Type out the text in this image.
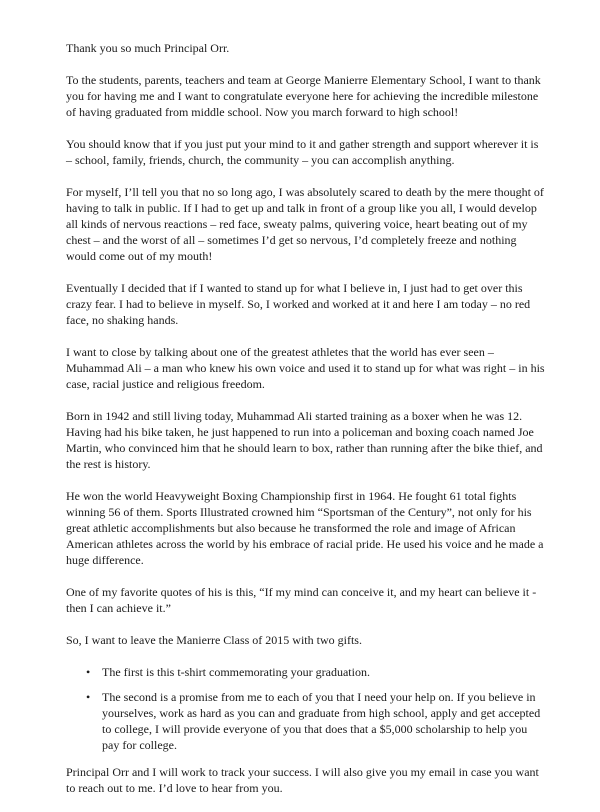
Thank you so much Principal Orr.

To the students, parents, teachers and team at George Manierre Elementary School, I want to thank you for having me and I want to congratulate everyone here for achieving the incredible milestone of having graduated from middle school. Now you march forward to high school!

You should know that if you just put your mind to it and gather strength and support wherever it is – school, family, friends, church, the community – you can accomplish anything.

For myself, I’ll tell you that no so long ago, I was absolutely scared to death by the mere thought of having to talk in public. If I had to get up and talk in front of a group like you all, I would develop all kinds of nervous reactions – red face, sweaty palms, quivering voice, heart beating out of my chest – and the worst of all – sometimes I’d get so nervous, I’d completely freeze and nothing would come out of my mouth!

Eventually I decided that if I wanted to stand up for what I believe in, I just had to get over this crazy fear. I had to believe in myself. So, I worked and worked at it and here I am today – no red face, no shaking hands.

I want to close by talking about one of the greatest athletes that the world has ever seen – Muhammad Ali – a man who knew his own voice and used it to stand up for what was right – in his case, racial justice and religious freedom.

Born in 1942 and still living today, Muhammad Ali started training as a boxer when he was 12. Having had his bike taken, he just happened to run into a policeman and boxing coach named Joe Martin, who convinced him that he should learn to box, rather than running after the bike thief, and the rest is history.

He won the world Heavyweight Boxing Championship first in 1964. He fought 61 total fights winning 56 of them. Sports Illustrated crowned him “Sportsman of the Century”, not only for his great athletic accomplishments but also because he transformed the role and image of African American athletes across the world by his embrace of racial pride. He used his voice and he made a huge difference.

One of my favorite quotes of his is this, “If my mind can conceive it, and my heart can believe it - then I can achieve it.”

So, I want to leave the Manierre Class of 2015 with two gifts.

• The first is this t-shirt commemorating your graduation.
• The second is a promise from me to each of you that I need your help on. If you believe in yourselves, work as hard as you can and graduate from high school, apply and get accepted to college, I will provide everyone of you that does that a $5,000 scholarship to help you pay for college.

Principal Orr and I will work to track your success. I will also give you my email in case you want to reach out to me. I’d love to hear from you.
